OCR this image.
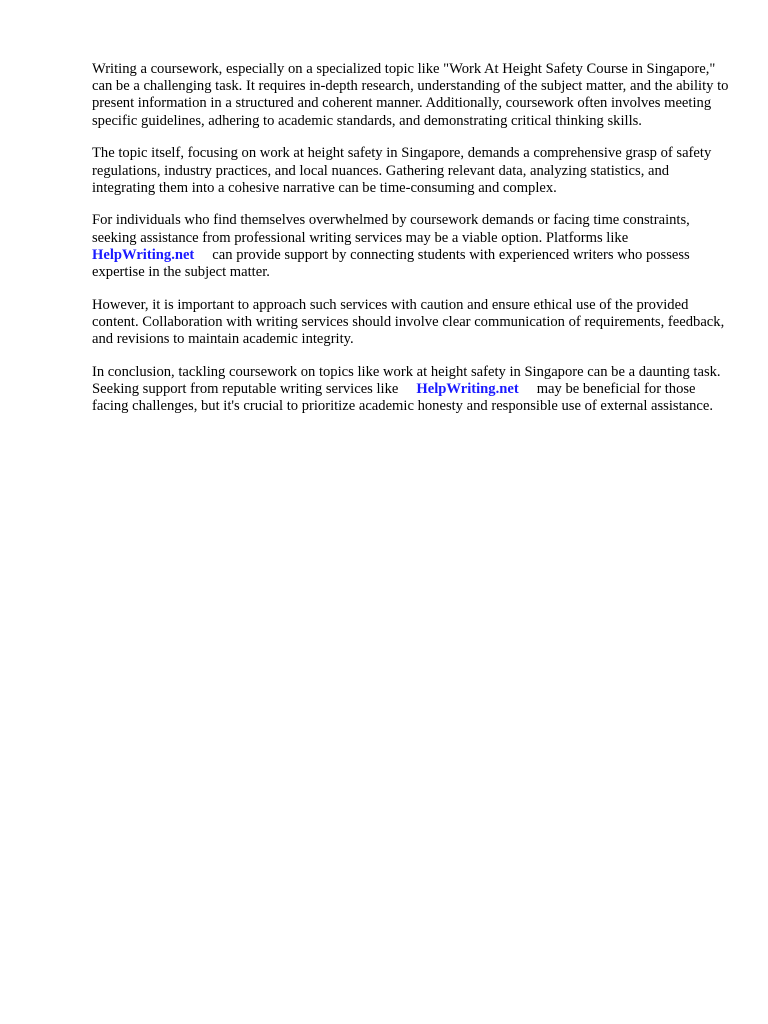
Writing a coursework, especially on a specialized topic like "Work At Height Safety Course in Singapore," can be a challenging task. It requires in-depth research, understanding of the subject matter, and the ability to present information in a structured and coherent manner. Additionally, coursework often involves meeting specific guidelines, adhering to academic standards, and demonstrating critical thinking skills.

The topic itself, focusing on work at height safety in Singapore, demands a comprehensive grasp of safety regulations, industry practices, and local nuances. Gathering relevant data, analyzing statistics, and integrating them into a cohesive narrative can be time-consuming and complex.

For individuals who find themselves overwhelmed by coursework demands or facing time constraints, seeking assistance from professional writing services may be a viable option. Platforms likeHelpWriting.net can provide support by connecting students with experienced writers who possess expertise in the subject matter.

However, it is important to approach such services with caution and ensure ethical use of the provided content. Collaboration with writing services should involve clear communication of requirements, feedback, and revisions to maintain academic integrity.

In conclusion, tackling coursework on topics like work at height safety in Singapore can be a daunting task. Seeking support from reputable writing services like HelpWriting.net may be beneficial for those facing challenges, but it's crucial to prioritize academic honesty and responsible use of external assistance.
